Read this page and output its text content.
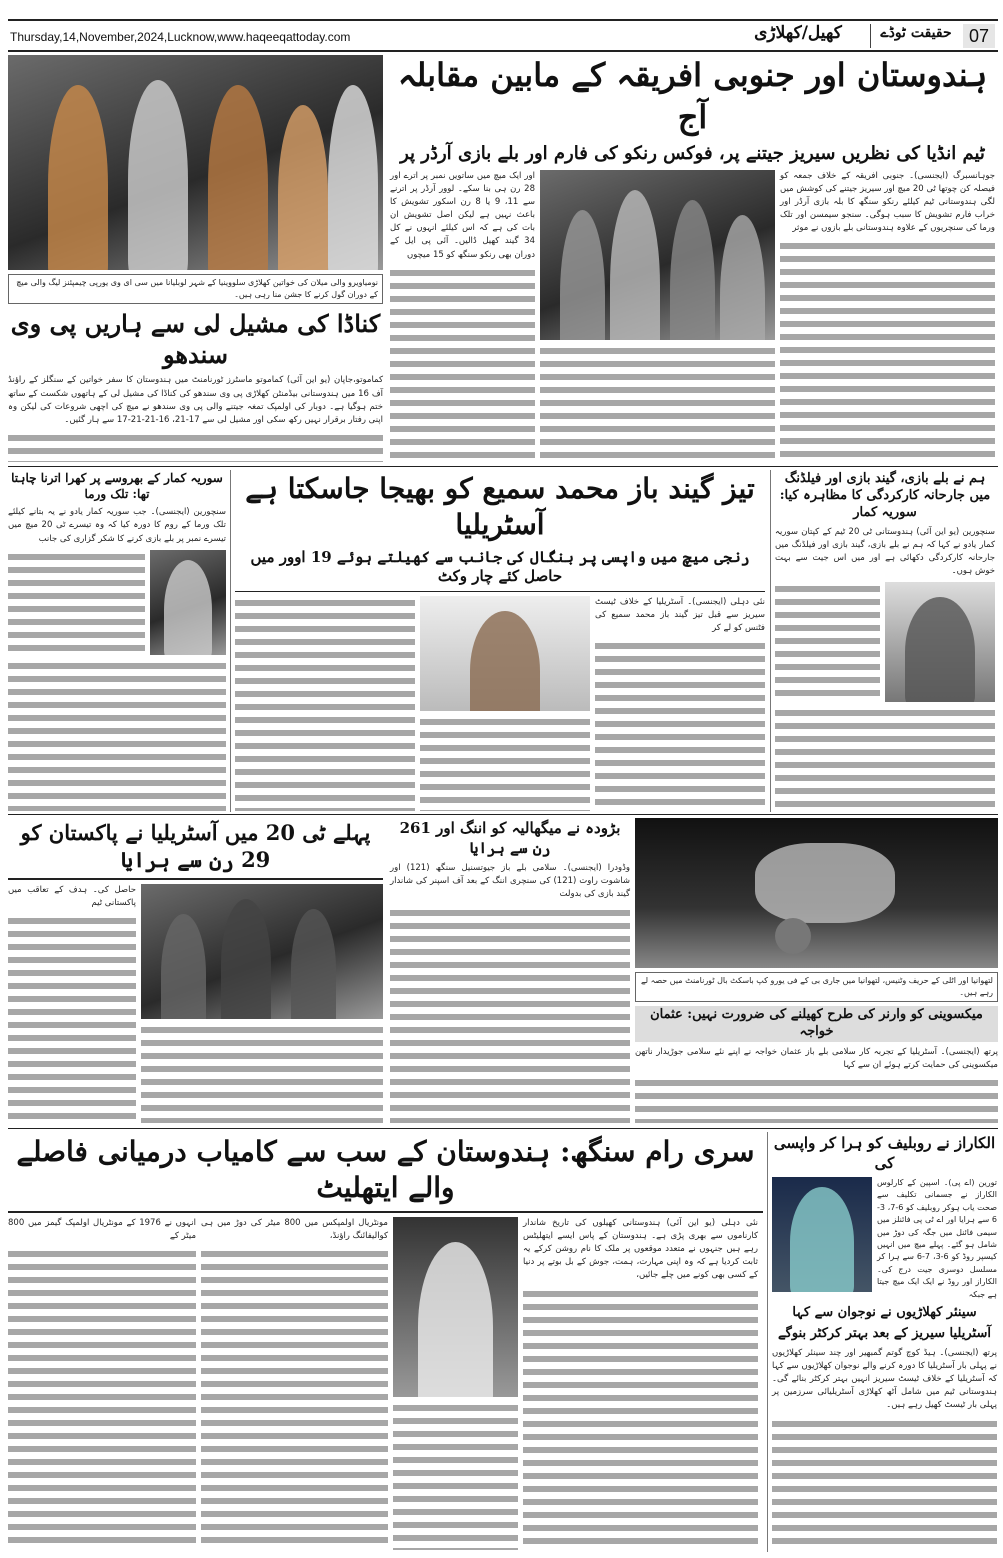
Thursday,14,November,2024,Lucknow,www.haqeeqattoday.com	07
حقیقت ٹوڈے
کھیل/کھلاڑی
نومیاویرو والی میلان کی خواتین کھلاڑی سلووینیا کے شہر لوبلیانا میں سی ای وی یورپی چیمپئنز لیگ والی میچ کے دوران گول کرنے کا جشن منا رہی ہیں۔
کناڈا کی مشیل لی سے ہاریں پی وی سندھو
کماموتو،جاپان (یو این آئی) کماموتو ماسٹرز ٹورنامنٹ میں ہندوستان کا سفر خواتین کے سنگلز کے راؤنڈ آف 16 میں ہندوستانی بیڈمنٹن کھلاڑی پی وی سندھو کی کناڈا کی مشیل لی کے ہاتھوں شکست کے ساتھ ختم ہوگیا ہے۔ دوبار کی اولمپک تمغہ جیتنے والی پی وی سندھو نے میچ کی اچھی شروعات کی لیکن وہ اپنی رفتار برقرار نہیں رکھ سکی اور مشیل لی سے 17-21، 16-21-21-17 سے ہار گئیں۔
ہندوستان اور جنوبی افریقہ کے مابین مقابلہ آج
ٹیم انڈیا کی نظریں سیریز جیتنے پر، فوکس رنکو کی فارم اور بلے بازی آرڈر پر
اور ایک میچ میں ساتویں نمبر پر اترے اور 28 رن ہی بنا سکے۔ لوور آرڈر پر اترنے سے 11، 9 یا 8 رن اسکور تشویش کا باعث نہیں ہے لیکن اصل تشویش ان بات کی ہے کہ اس کیلئے انہوں نے کل 34 گیند کھیل ڈالیں۔ آئی پی ایل کے دوران بھی رنکو سنگھ کو 15 میچوں
جوہانسبرگ (ایجنسی)۔ جنوبی افریقہ کے خلاف جمعہ کو فیصلہ کن چوتھا ٹی 20 میچ اور سیریز جیتنے کی کوشش میں لگی ہندوستانی ٹیم کیلئے رنکو سنگھ کا بلہ بازی آرڈر اور خراب فارم تشویش کا سبب ہوگی۔ سنجو سیمسن اور تلک ورما کی سنچریوں کے علاوہ ہندوستانی بلے بازوں نے موثر
سوریہ کمار کے بھروسے پر کھرا اترنا چاہتا تھا: تلک ورما
سنچورین (ایجنسی)۔ جب سوریہ کمار یادو نے یہ بتانے کیلئے تلک ورما کے روم کا دورہ کیا کہ وہ تیسرے ٹی 20 میچ میں تیسرے نمبر پر بلے بازی کرنے کا شکر گزاری کی جانب
تیز گیند باز محمد سمیع کو بھیجا جاسکتا ہے آسٹریلیا
رنجی میچ میں واپسی پر بنگال کی جانب سے کھیلتے ہوئے 19 اوور میں حاصل کئے چار وکٹ
نئی دہلی (ایجنسی)۔ آسٹریلیا کے خلاف ٹیسٹ سیریز سے قبل تیز گیند باز محمد سمیع کی فٹنس کو لے کر
ہم نے بلے بازی، گیند بازی اور فیلڈنگ میں جارحانہ کارکردگی کا مظاہرہ کیا: سوریہ کمار
سنچورین (یو این آئی) ہندوستانی ٹی 20 ٹیم کے کپتان سوریہ کمار یادو نے کہا کہ ہم نے بلے بازی، گیند بازی اور فیلڈنگ میں جارحانہ کارکردگی دکھائی ہے اور میں اس جیت سے بہت خوش ہوں۔
پہلے ٹی 20 میں آسٹریلیا نے پاکستان کو 29 رن سے ہرایا
حاصل کی۔ ہدف کے تعاقب میں پاکستانی ٹیم
بڑودہ نے میگھالیہ کو اننگ اور 261 رن سے ہرایا
وڈودرا (ایجنسی)۔ سلامی بلے باز جیوتسنیل سنگھ (121) اور شاشوت راوت (121) کی سنچری اننگ کے بعد آف اسپنر کی شاندار گیند بازی کی بدولت
لتھوانیا اور اٹلی کے حریف وٹنیس، لتھوانیا میں جاری بی کے فی یورو کپ باسکٹ بال ٹورنامنٹ میں حصہ لے رہے ہیں۔
میکسوینی کو وارنر کی طرح کھیلنے کی ضرورت نہیں: عثمان خواجہ
پرتھ (ایجنسی)۔ آسٹریلیا کے تجربہ کار سلامی بلے باز عثمان خواجہ نے اپنے نئے سلامی جوڑیدار ناتھن میکسوینی کی حمایت کرتے ہوئے ان سے کہا
سری رام سنگھ: ہندوستان کے سب سے کامیاب درمیانی فاصلے والے ایتھلیٹ
انہوں نے 1976 کے مونٹریال اولمپک گیمز میں 800 میٹر کے
مونٹریال اولمپکس میں 800 میٹر کی دوڑ میں ہی کوالیفائنگ راؤنڈ،
نئی دہلی (یو این آئی) ہندوستانی کھیلوں کی تاریخ شاندار کارناموں سے بھری پڑی ہے۔ ہندوستان کے پاس ایسے ایتھلیٹس رہے ہیں جنہوں نے متعدد موقعوں پر ملک کا نام روشن کرکے یہ ثابت کردیا ہے کہ وہ اپنی مہارت، ہمت، جوش کے بل بوتے پر دنیا کے کسی بھی کونے میں چلے جائیں،
الکاراز نے روبلیف کو ہرا کر واپسی کی
تورین (اے پی)۔ اسپین کے کارلوس الکاراز نے جسمانی تکلیف سے صحت یاب ہوکر روبلیف کو 6-7، 3-6 سے ہرایا اور اے ٹی پی فائنلز میں سیمی فائنل میں جگہ کی دوڑ میں شامل ہو گئے۔ پہلے میچ میں انہیں کیسپر روڈ کو 6-3، 7-6 سے ہرا کر مسلسل دوسری جیت درج کی۔ الکاراز اور روڈ نے ایک ایک میچ جیتا ہے جبکہ
سینئر کھلاڑیوں نے نوجوان سے کہا
آسٹریلیا سیریز کے بعد بہتر کرکٹر بنوگے
پرتھ (ایجنسی)۔ ہیڈ کوچ گوتم گمبھیر اور چند سینئر کھلاڑیوں نے پہلی بار آسٹریلیا کا دورہ کرنے والے نوجوان کھلاڑیوں سے کہا کہ آسٹریلیا کے خلاف ٹیسٹ سیریز انہیں بہتر کرکٹر بنائے گی۔ ہندوستانی ٹیم میں شامل آٹھ کھلاڑی آسٹریلیائی سرزمین پر پہلی بار ٹیسٹ کھیل رہے ہیں۔
